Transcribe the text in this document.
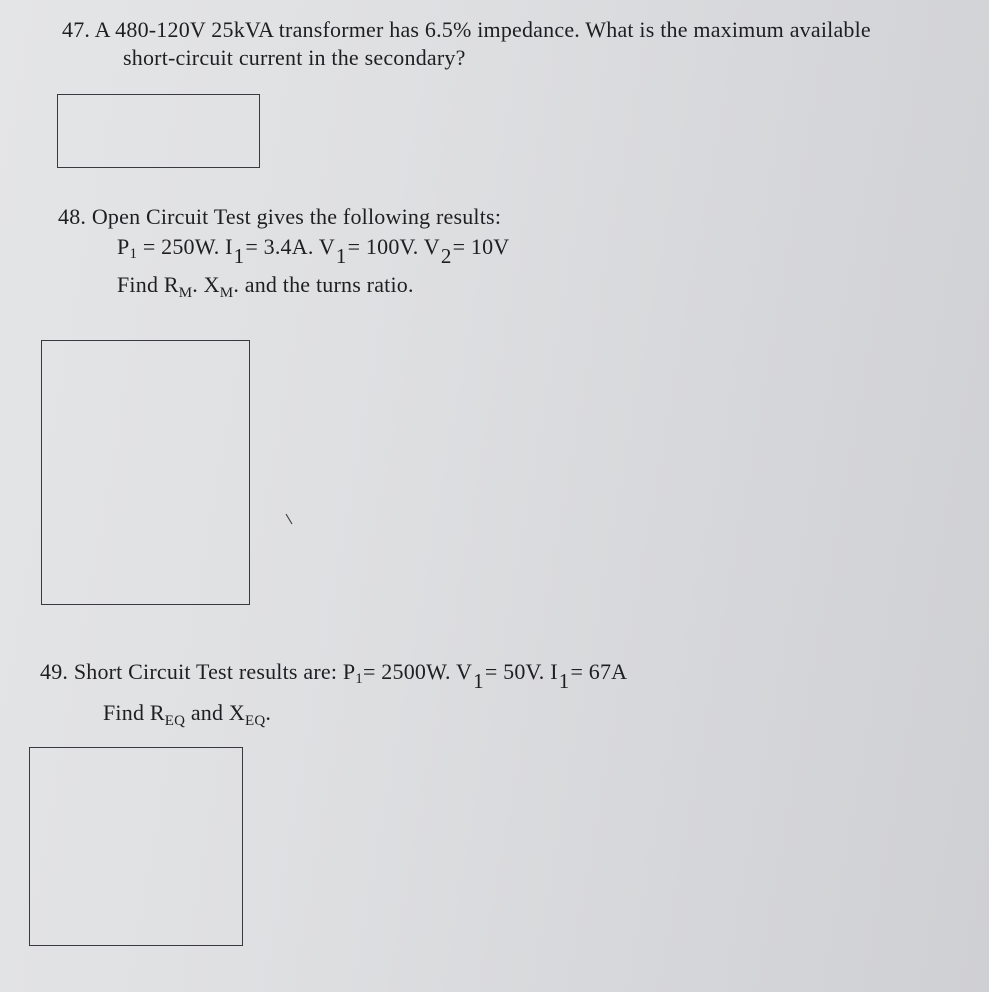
47. A 480-120V 25kVA transformer has 6.5% impedance. What is the maximum available
short-circuit current in the secondary?
48. Open Circuit Test gives the following results:
P1 = 250W. I1= 3.4A. V1= 100V. V2= 10V
Find $R_M$. $X_M$. and the turns ratio.
49. Short Circuit Test results are: P1= 2500W. V1= 50V. I1= 67A
Find $R_{EQ}$ and $X_{EQ}$.
